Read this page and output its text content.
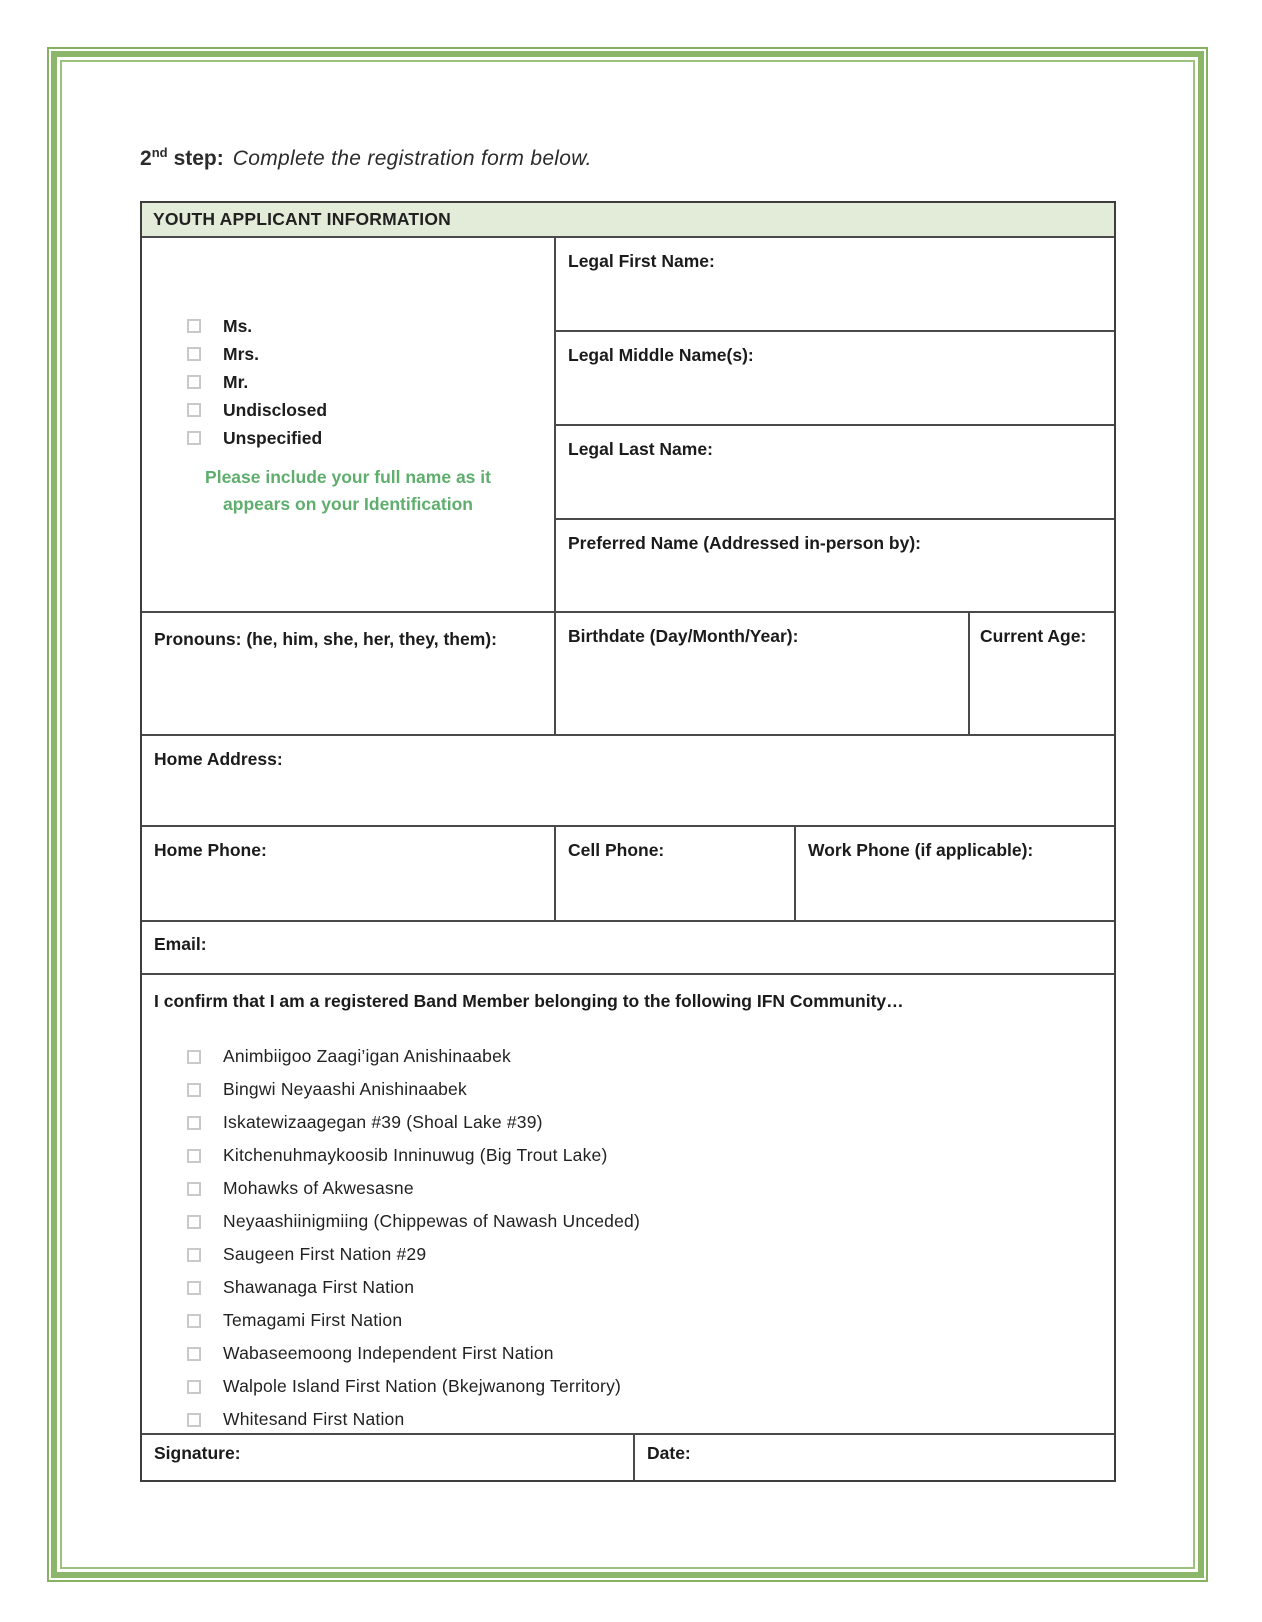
2nd step: Complete the registration form below.
YOUTH APPLICANT INFORMATION
Ms.
Mrs.
Mr.
Undisclosed
Unspecified
Please include your full name as it appears on your Identification
Legal First Name:
Legal Middle Name(s):
Legal Last Name:
Preferred Name (Addressed in-person by):
Pronouns: (he, him, she, her, they, them):	Birthdate (Day/Month/Year):	Current Age:
Home Address:
Home Phone:	Cell Phone:	Work Phone (if applicable):
Email:
I confirm that I am a registered Band Member belonging to the following IFN Community…
Animbiigoo Zaagi’igan Anishinaabek
Bingwi Neyaashi Anishinaabek
Iskatewizaagegan #39 (Shoal Lake #39)
Kitchenuhmaykoosib Inninuwug (Big Trout Lake)
Mohawks of Akwesasne
Neyaashiinigmiing (Chippewas of Nawash Unceded)
Saugeen First Nation #29
Shawanaga First Nation
Temagami First Nation
Wabaseemoong Independent First Nation
Walpole Island First Nation (Bkejwanong Territory)
Whitesand First Nation
Signature:	Date:
